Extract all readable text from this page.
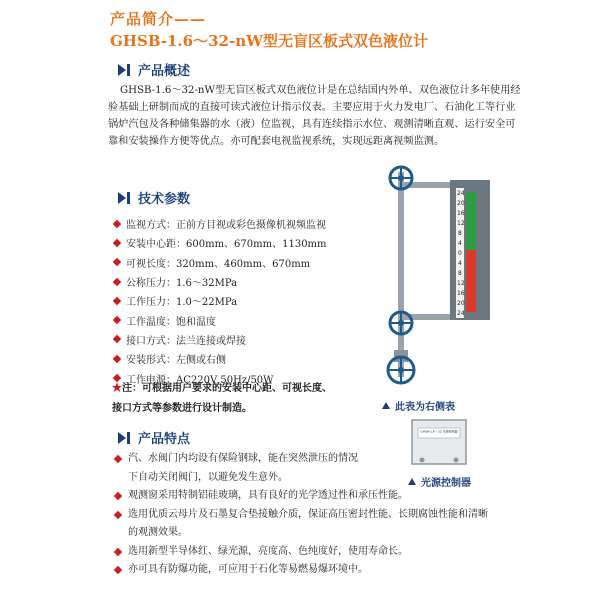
产品简介——
GHSB-1.6～32-nW型无盲区板式双色液位计
产品概述
GHSB-1.6～32-nW型无盲区板式双色液位计是在总结国内外单、双色液位计多年使用经验基础上研制而成的直接可读式液位计指示仪表。主要应用于火力发电厂、石油化工等行业锅炉汽包及各种储集器的水（液）位监视，具有连续指示水位、观测清晰直观、运行安全可靠和安装操作方便等优点。亦可配套电视监视系统，实现远距离视频监测。
技术参数
监视方式：正前方目视或彩色摄像机视频监视
安装中心距：600mm、670mm、1130mm
可视长度：320mm、460mm、670mm
公称压力：1.6～32MPa
工作压力：1.0～22MPa
工作温度：饱和温度
接口方式：法兰连接或焊接
安装形式：左侧或右侧
工作电源：AC220V 50Hz/50W
★注：可根据用户要求的安装中心距、可视长度、
接口方式等参数进行设计制造。
24
20
16
12
8
4
0
4
8
12
16
20
24
此表为右侧表
GHSB-1.6～32 光源控制器
光源控制器
产品特点
汽、水阀门内均设有保险钢球，能在突然泄压的情况下自动关闭阀门，以避免发生意外。
观测窗采用特制铝硅玻璃，具有良好的光学透过性和承压性能。
选用优质云母片及石墨复合垫接触介质，保证高压密封性能、长期腐蚀性能和清晰的观测效果。
选用新型半导体红、绿光源，亮度高、色纯度好，使用寿命长。
亦可具有防爆功能，可应用于石化等易燃易爆环境中。
